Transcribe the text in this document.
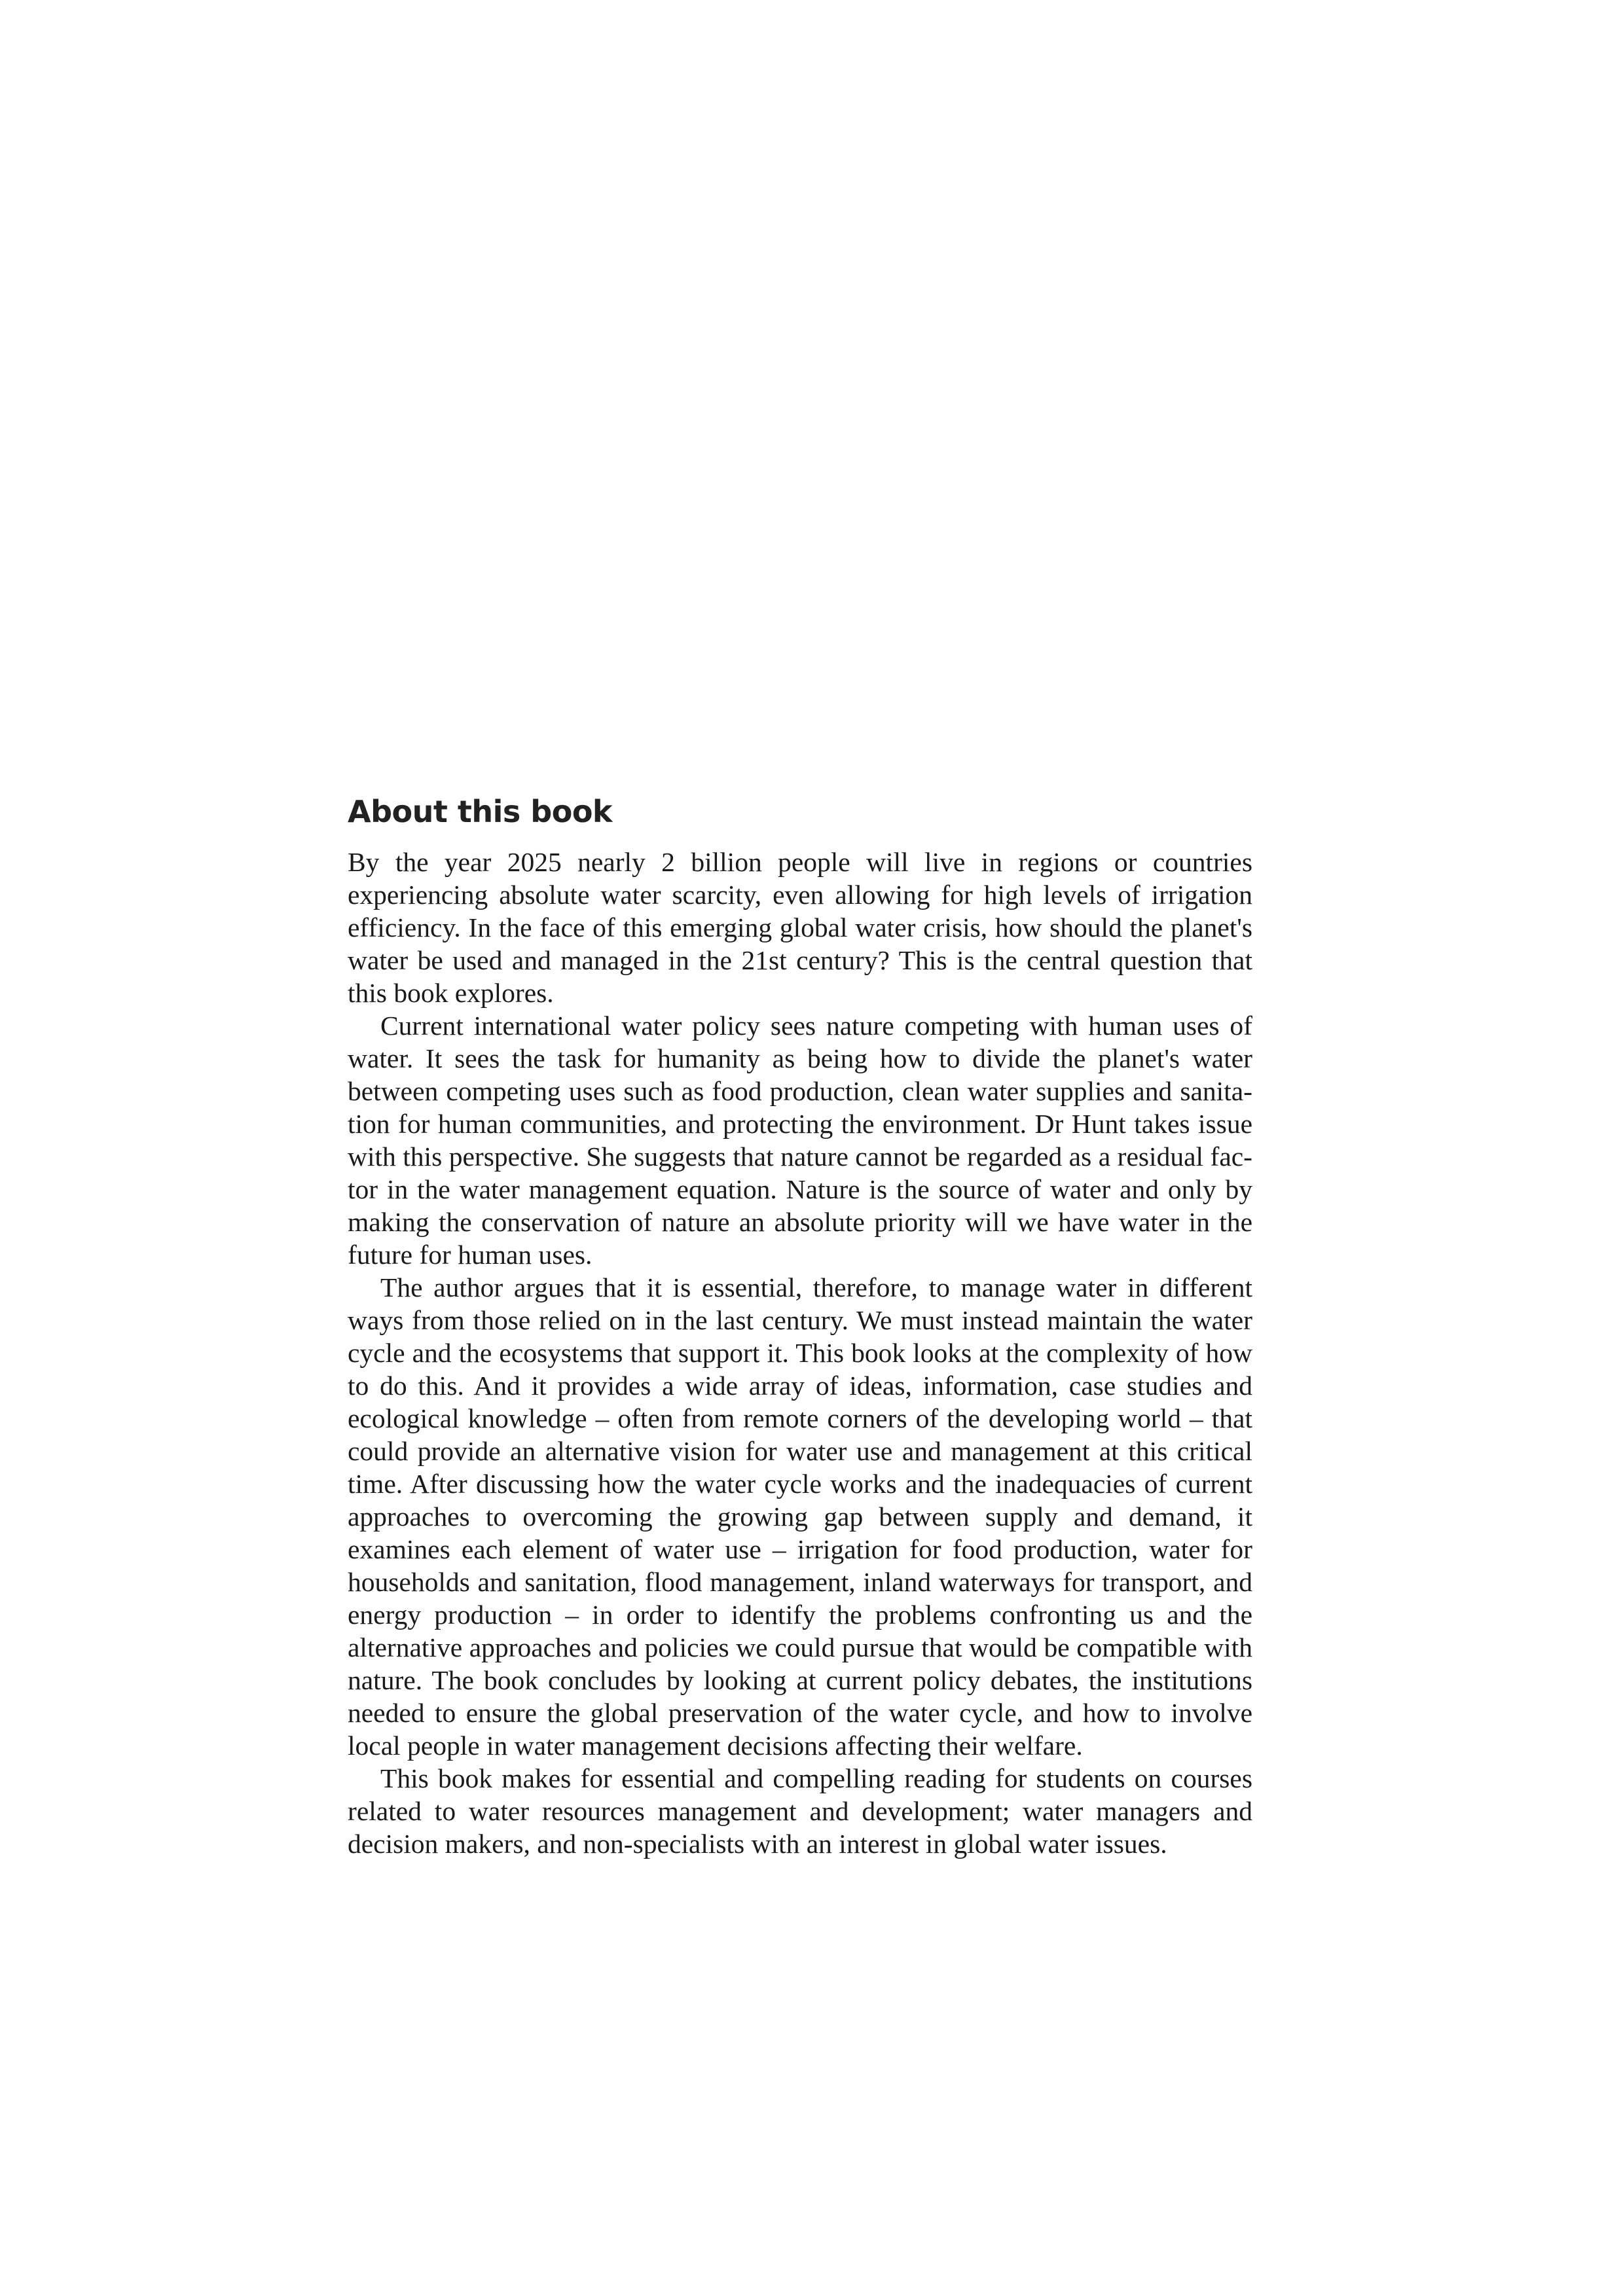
About this book

By the year 2025 nearly 2 billion people will live in regions or countries experiencing absolute water scarcity, even allowing for high levels of irrigation efficiency. In the face of this emerging global water crisis, how should the planet's water be used and managed in the 21st century? This is the central question that this book explores.

Current international water policy sees nature competing with human uses of water. It sees the task for humanity as being how to divide the planet's water between competing uses such as food production, clean water supplies and sanitation for human communities, and protecting the environment. Dr Hunt takes issue with this perspective. She suggests that nature cannot be regarded as a residual factor in the water management equation. Nature is the source of water and only by making the conservation of nature an absolute priority will we have water in the future for human uses.

The author argues that it is essential, therefore, to manage water in different ways from those relied on in the last century. We must instead maintain the water cycle and the ecosystems that support it. This book looks at the complexity of how to do this. And it provides a wide array of ideas, information, case studies and ecological knowledge – often from remote corners of the developing world – that could provide an alternative vision for water use and management at this critical time. After discussing how the water cycle works and the inadequacies of current approaches to overcoming the growing gap between supply and demand, it examines each element of water use – irrigation for food production, water for households and sanitation, flood management, inland waterways for transport, and energy production – in order to identify the problems confronting us and the alternative approaches and policies we could pursue that would be compatible with nature. The book concludes by looking at current policy debates, the institutions needed to ensure the global preservation of the water cycle, and how to involve local people in water management decisions affecting their welfare.

This book makes for essential and compelling reading for students on courses related to water resources management and development; water managers and decision makers, and non-specialists with an interest in global water issues.
